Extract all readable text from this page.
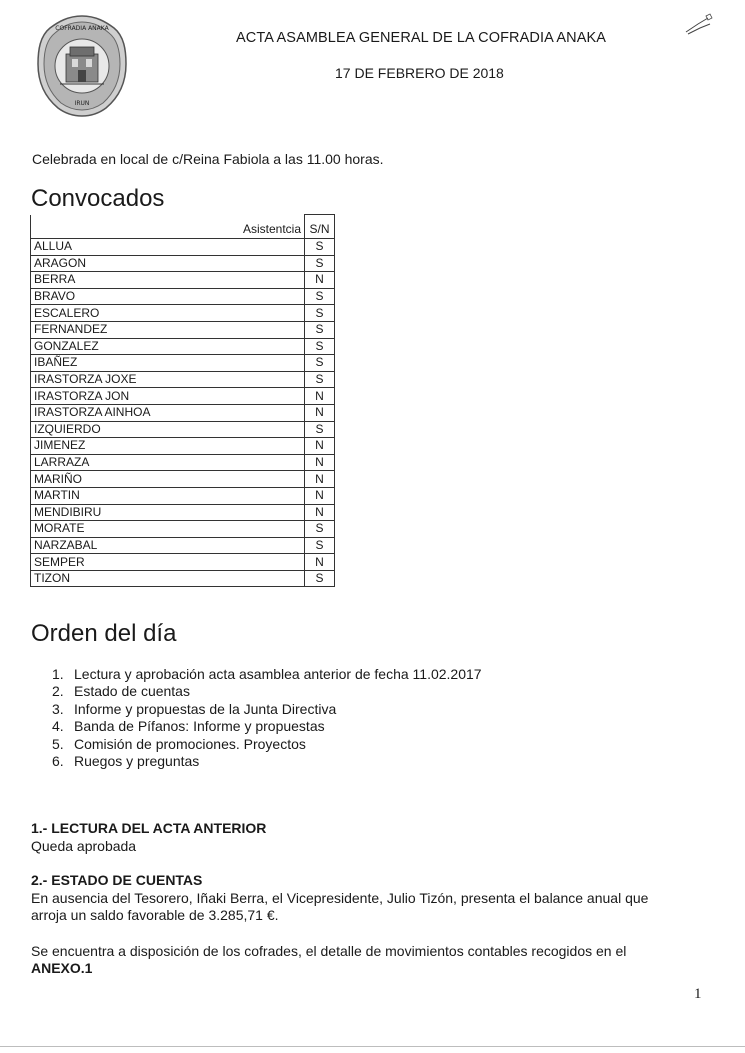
COFRADIA ANAKA
IRUN
ACTA ASAMBLEA GENERAL DE LA COFRADIA ANAKA
17 DE FEBRERO DE 2018
Celebrada en local de c/Reina Fabiola a las 11.00 horas.
Convocados
Asistentcia	S/N
ALLUA	S
ARAGON	S
BERRA	N
BRAVO	S
ESCALERO	S
FERNANDEZ	S
GONZALEZ	S
IBAÑEZ	S
IRASTORZA JOXE	S
IRASTORZA JON	N
IRASTORZA AINHOA	N
IZQUIERDO	S
JIMENEZ	N
LARRAZA	N
MARIÑO	N
MARTIN	N
MENDIBIRU	N
MORATE	S
NARZABAL	S
SEMPER	N
TIZON	S
Orden del día
1. Lectura y aprobación acta asamblea anterior de fecha 11.02.2017
2. Estado de cuentas
3. Informe y propuestas de la Junta Directiva
4. Banda de Pífanos: Informe y propuestas
5. Comisión de promociones. Proyectos
6. Ruegos y preguntas
1.- LECTURA DEL ACTA ANTERIOR
Queda aprobada
2.- ESTADO DE CUENTAS
En ausencia del Tesorero, Iñaki Berra, el Vicepresidente, Julio Tizón, presenta el balance anual que
arroja un saldo favorable de 3.285,71 €.
Se encuentra a disposición de los cofrades, el detalle de movimientos contables recogidos en el
ANEXO.1
1
